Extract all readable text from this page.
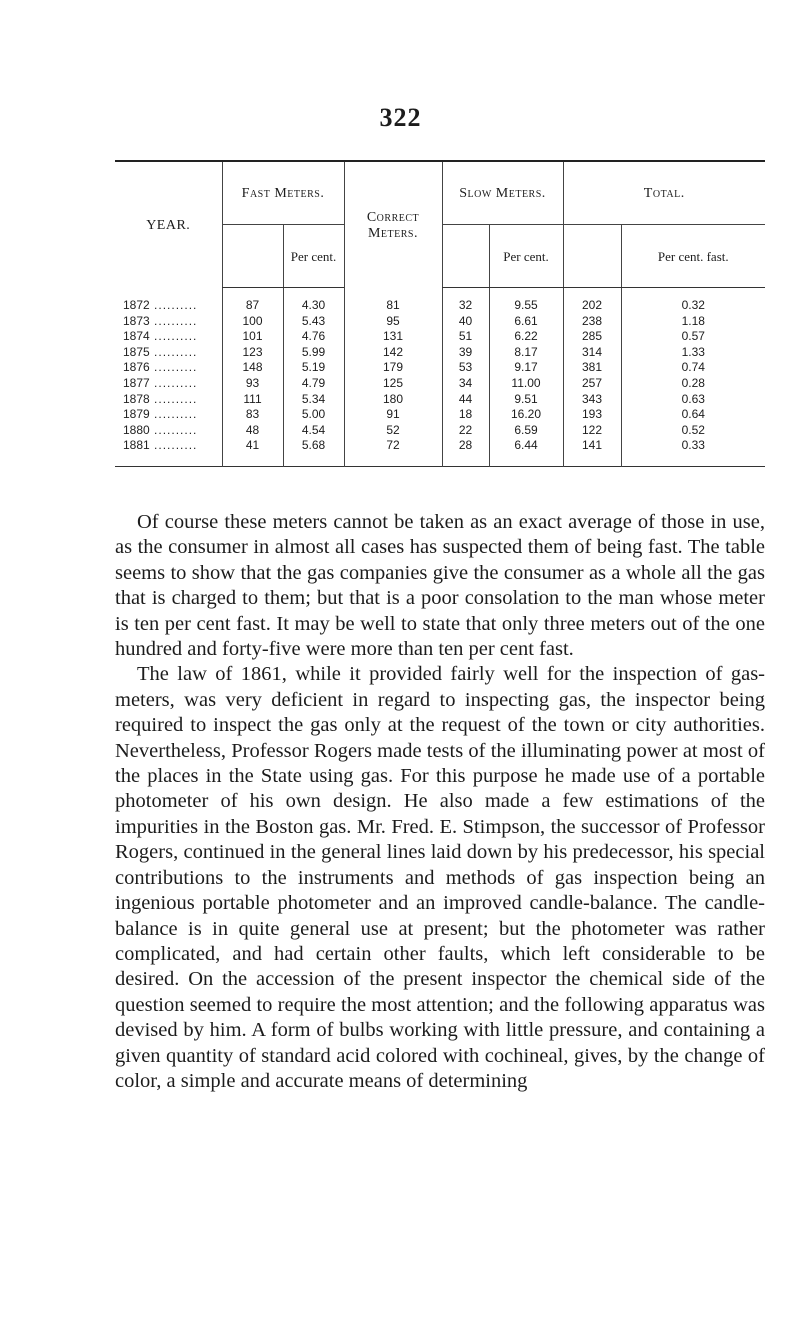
322
YEAR.	Fast Meters.		Correct Meters.	Slow Meters.		Total.	
		Per cent.			Per cent.		Per cent. fast.
1872 ..........	87	4.30	81	32	9.55	202	0.32
1873 ..........	100	5.43	95	40	6.61	238	1.18
1874 ..........	101	4.76	131	51	6.22	285	0.57
1875 ..........	123	5.99	142	39	8.17	314	1.33
1876 ..........	148	5.19	179	53	9.17	381	0.74
1877 ..........	93	4.79	125	34	11.00	257	0.28
1878 ..........	111	5.34	180	44	9.51	343	0.63
1879 ..........	83	5.00	91	18	16.20	193	0.64
1880 ..........	48	4.54	52	22	6.59	122	0.52
1881 ..........	41	5.68	72	28	6.44	141	0.33

Of course these meters cannot be taken as an exact average of those in use, as the consumer in almost all cases has suspected them of being fast. The table seems to show that the gas companies give the consumer as a whole all the gas that is charged to them; but that is a poor consolation to the man whose meter is ten per cent fast. It may be well to state that only three meters out of the one hundred and forty-five were more than ten per cent fast.

The law of 1861, while it provided fairly well for the inspection of gas-meters, was very deficient in regard to inspecting gas, the inspector being required to inspect the gas only at the request of the town or city authorities. Nevertheless, Professor Rogers made tests of the illuminating power at most of the places in the State using gas. For this purpose he made use of a portable photometer of his own design. He also made a few estimations of the impurities in the Boston gas. Mr. Fred. E. Stimpson, the successor of Professor Rogers, continued in the general lines laid down by his predecessor, his special contributions to the instruments and methods of gas inspection being an ingenious portable photometer and an improved candle-balance. The candle-balance is in quite general use at present; but the photometer was rather complicated, and had certain other faults, which left considerable to be desired. On the accession of the present inspector the chemical side of the question seemed to require the most attention; and the following apparatus was devised by him. A form of bulbs working with little pressure, and containing a given quantity of standard acid colored with cochineal, gives, by the change of color, a simple and accurate means of determining
